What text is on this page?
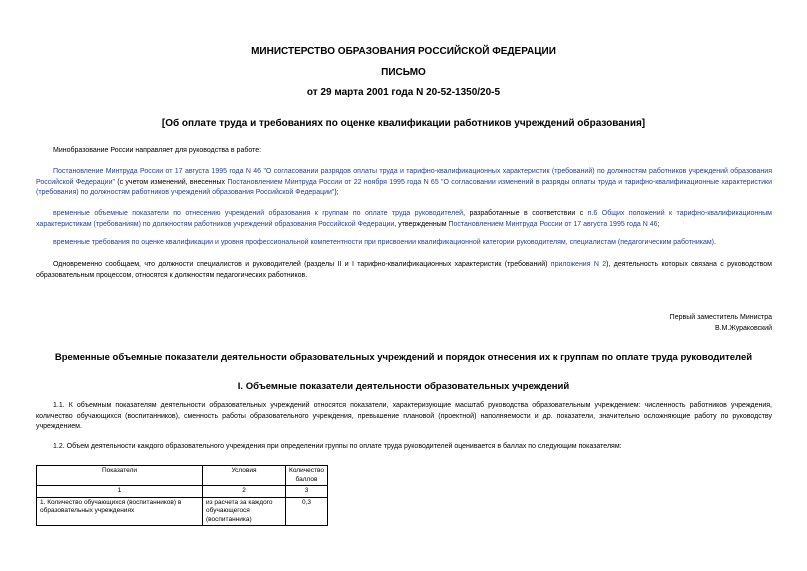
МИНИСТЕРСТВО ОБРАЗОВАНИЯ РОССИЙСКОЙ ФЕДЕРАЦИИ
ПИСЬМО
от 29 марта 2001 года N 20-52-1350/20-5
[Об оплате труда и требованиях по оценке квалификации работников учреждений образования]
Минобразование России направляет для руководства в работе:
Постановление Минтруда России от 17 августа 1995 года N 46 "О согласовании разрядов оплаты труда и тарифно-квалификационных характеристик (требований) по должностям работников учреждений образования Российской Федерации" (с учетом изменений, внесенных Постановлением Минтруда России от 22 ноября 1995 года N 65 "О согласовании изменений в разряды оплаты труда и тарифно-квалификационные характеристики (требования) по должностям работников учреждений образования Российской Федерации");
временные объемные показатели по отнесению учреждений образования к группам по оплате труда руководителей, разработанные в соответствии с п.6 Общих положений к тарифно-квалификационным характеристикам (требованиям) по должностям работников учреждений образования Российской Федерации, утвержденным Постановлением Минтруда России от 17 августа 1995 года N 46;
временные требования по оценке квалификации и уровня профессиональной компетентности при присвоении квалификационной категории руководителям, специалистам (педагогическим работникам).
Одновременно сообщаем, что должности специалистов и руководителей (разделы II и I тарифно-квалификационных характеристик (требований) приложения N 2), деятельность которых связана с руководством образовательным процессом, относятся к должностям педагогических работников.
Первый заместитель Министра
В.М.Жураковский
Временные объемные показатели деятельности образовательных учреждений и порядок отнесения их к группам по оплате труда руководителей
I. Объемные показатели деятельности образовательных учреждений
1.1. К объемным показателям деятельности образовательных учреждений относятся показатели, характеризующие масштаб руководства образовательным учреждением: численность работников учреждения, количество обучающихся (воспитанников), сменность работы образовательного учреждения, превышение плановой (проектной) наполняемости и др. показатели, значительно осложняющие работу по руководству учреждением.
1.2. Объем деятельности каждого образовательного учреждения при определении группы по оплате труда руководителей оценивается в баллах по следующим показателям:
Показатели	Условия	Количество баллов
1	2	3
1. Количество обучающихся (воспитанников) в образовательных учреждениях	из расчета за каждого обучающегося (воспитанника)	0,3
